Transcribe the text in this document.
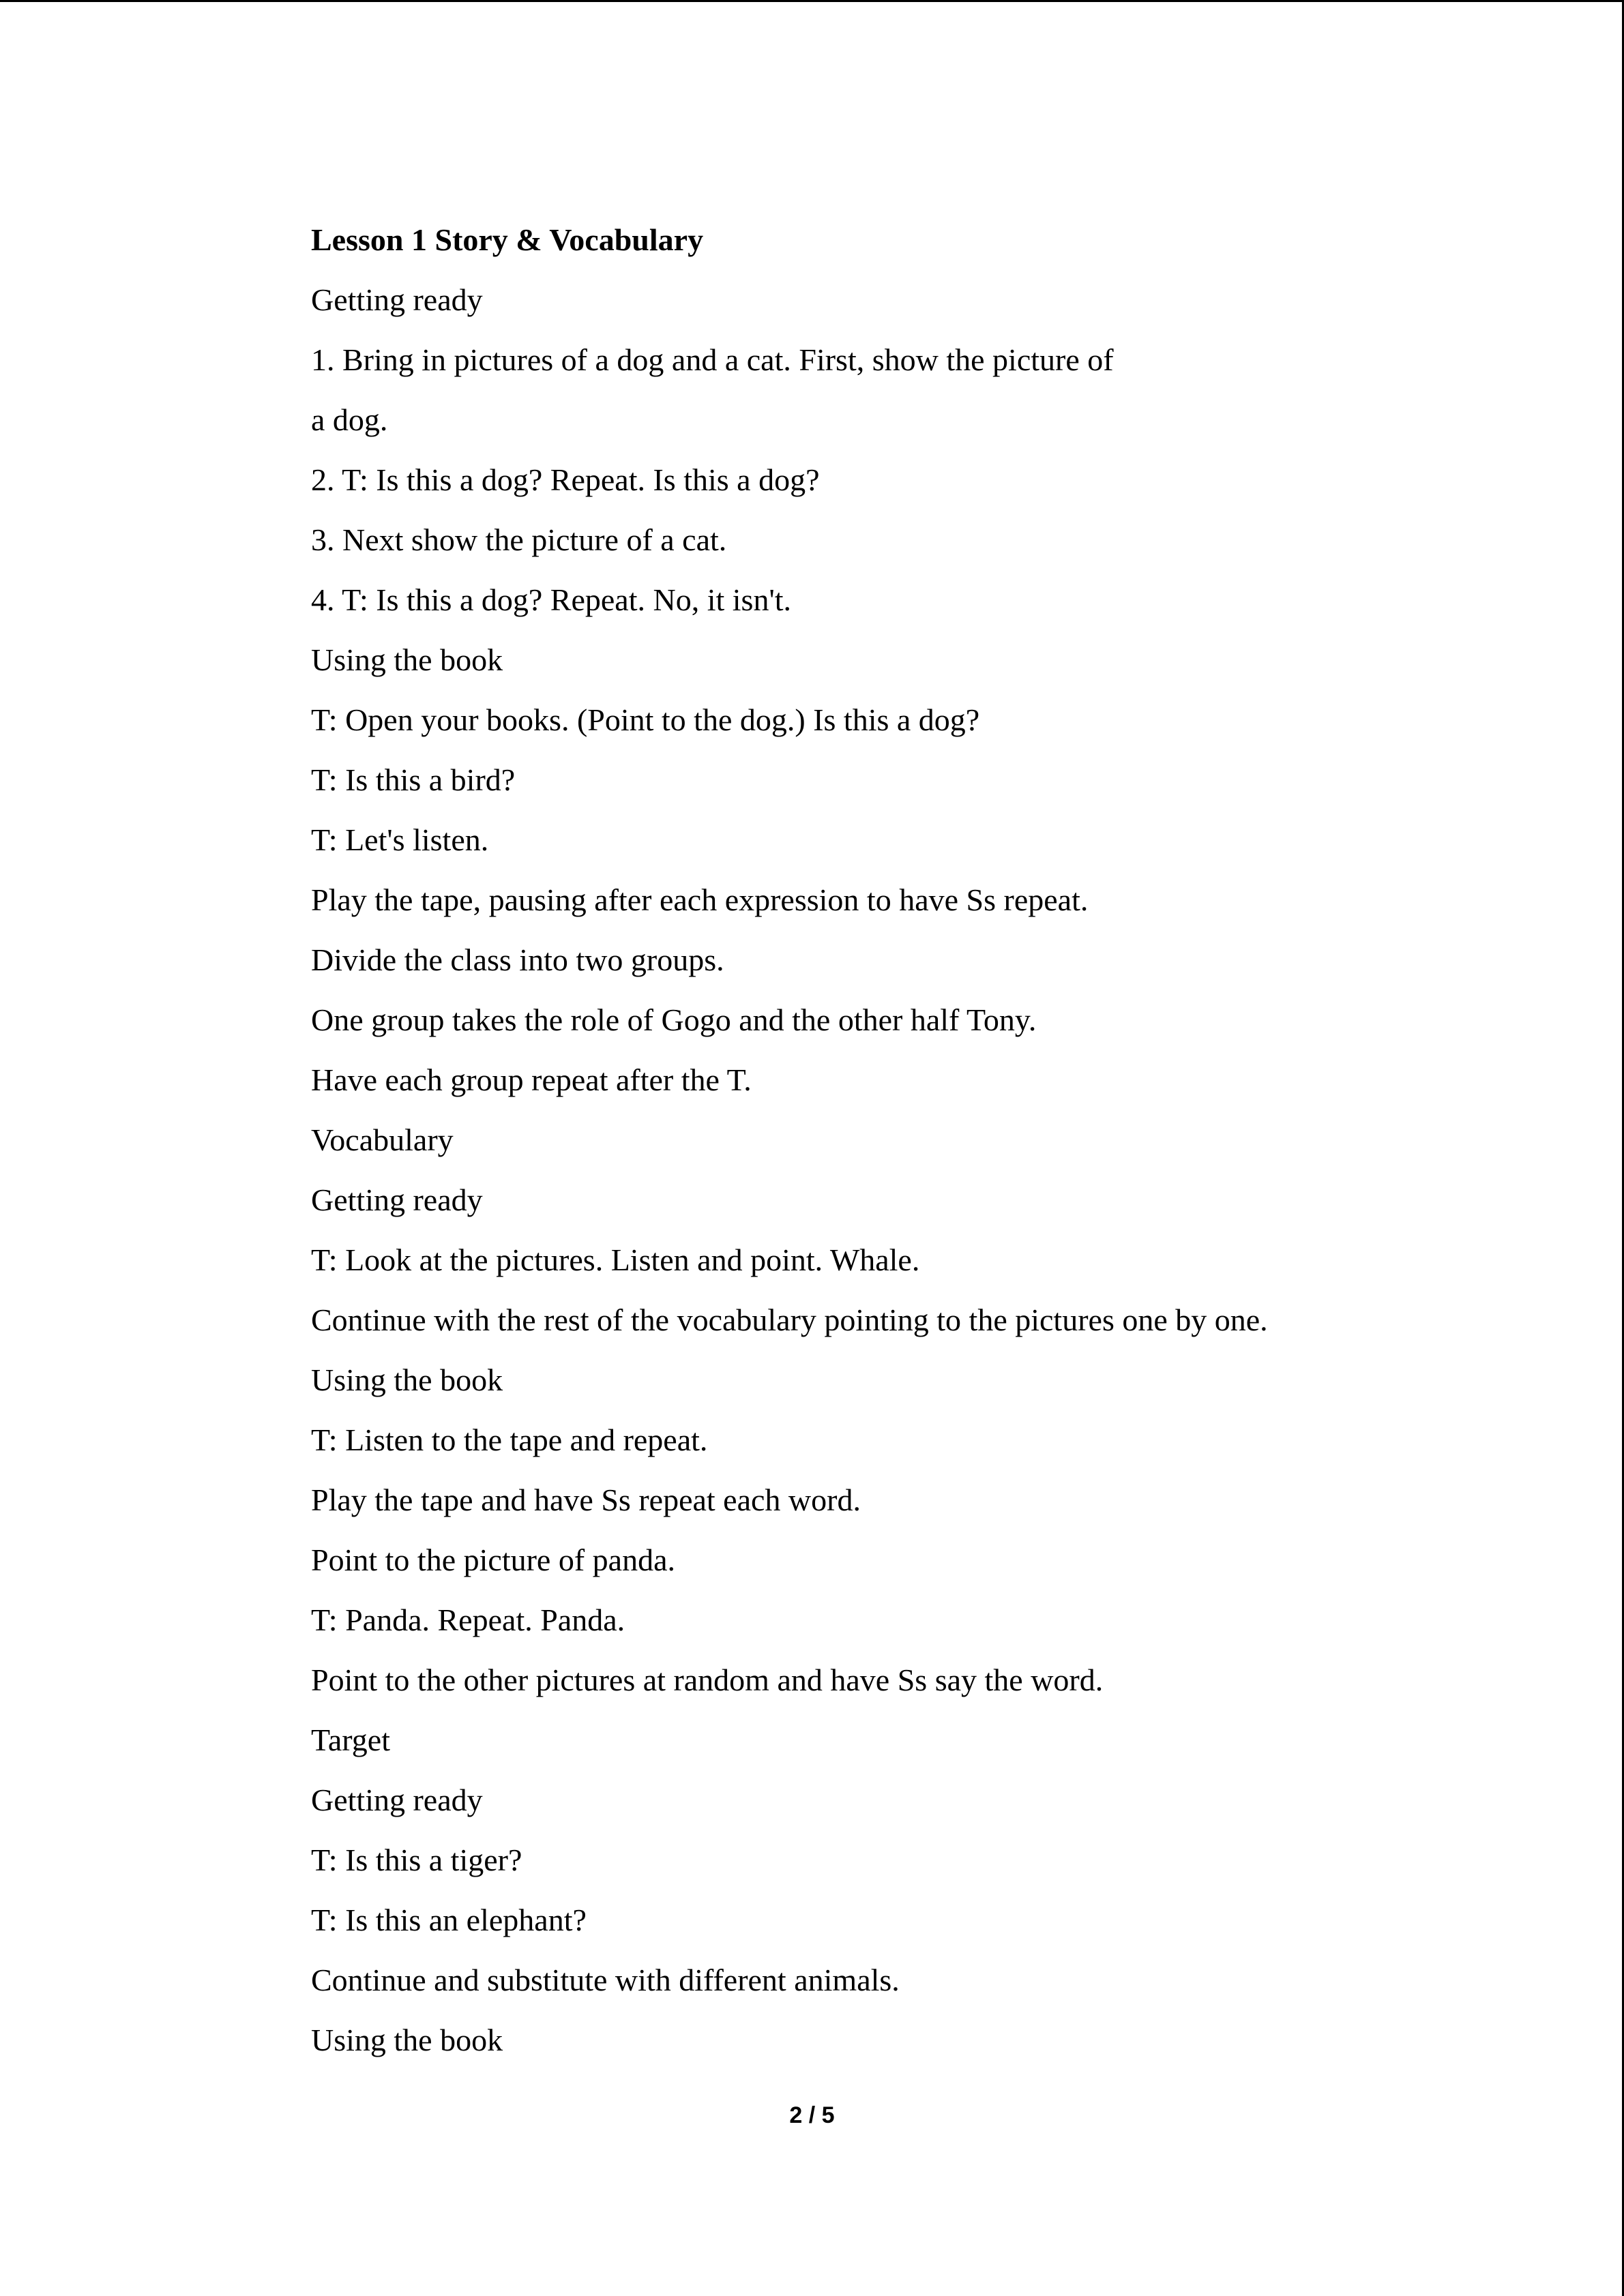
Lesson 1 Story & Vocabulary
Getting ready
1. Bring in pictures of a dog and a cat. First, show the picture of
a dog.
2. T: Is this a dog? Repeat. Is this a dog?
3. Next show the picture of a cat.
4. T: Is this a dog? Repeat. No, it isn't.
Using the book
T: Open your books. (Point to the dog.) Is this a dog?
T: Is this a bird?
T: Let's listen.
Play the tape, pausing after each expression to have Ss repeat.
Divide the class into two groups.
One group takes the role of Gogo and the other half Tony.
Have each group repeat after the T.
Vocabulary
Getting ready
T: Look at the pictures. Listen and point. Whale.
Continue with the rest of the vocabulary pointing to the pictures one by one.
Using the book
T: Listen to the tape and repeat.
Play the tape and have Ss repeat each word.
Point to the picture of panda.
T: Panda. Repeat. Panda.
Point to the other pictures at random and have Ss say the word.
Target
Getting ready
T: Is this a tiger?
T: Is this an elephant?
Continue and substitute with different animals.
Using the book
2 / 5
